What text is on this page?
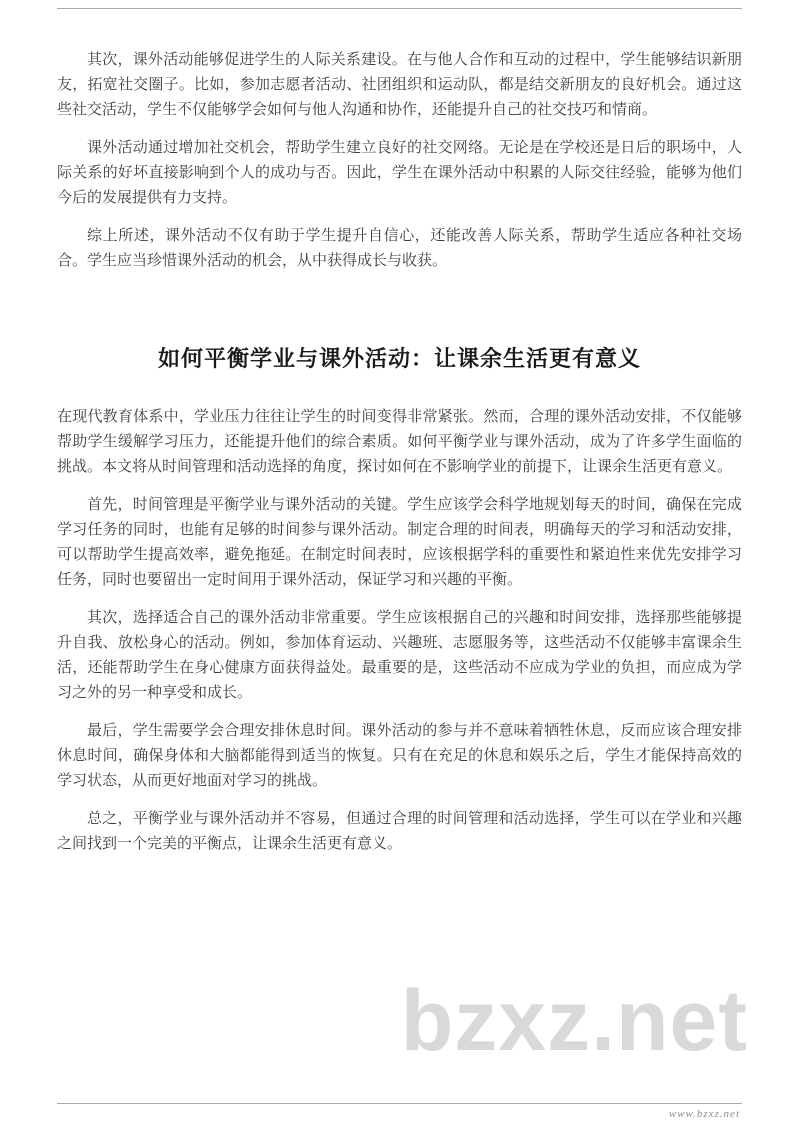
其次，课外活动能够促进学生的人际关系建设。在与他人合作和互动的过程中，学生能够结识新朋友，拓宽社交圈子。比如，参加志愿者活动、社团组织和运动队，都是结交新朋友的良好机会。通过这些社交活动，学生不仅能够学会如何与他人沟通和协作，还能提升自己的社交技巧和情商。

课外活动通过增加社交机会，帮助学生建立良好的社交网络。无论是在学校还是日后的职场中，人际关系的好坏直接影响到个人的成功与否。因此，学生在课外活动中积累的人际交往经验，能够为他们今后的发展提供有力支持。

综上所述，课外活动不仅有助于学生提升自信心，还能改善人际关系，帮助学生适应各种社交场合。学生应当珍惜课外活动的机会，从中获得成长与收获。

如何平衡学业与课外活动：让课余生活更有意义

在现代教育体系中，学业压力往往让学生的时间变得非常紧张。然而，合理的课外活动安排，不仅能够帮助学生缓解学习压力，还能提升他们的综合素质。如何平衡学业与课外活动，成为了许多学生面临的挑战。本文将从时间管理和活动选择的角度，探讨如何在不影响学业的前提下，让课余生活更有意义。

首先，时间管理是平衡学业与课外活动的关键。学生应该学会科学地规划每天的时间，确保在完成学习任务的同时，也能有足够的时间参与课外活动。制定合理的时间表，明确每天的学习和活动安排，可以帮助学生提高效率，避免拖延。在制定时间表时，应该根据学科的重要性和紧迫性来优先安排学习任务，同时也要留出一定时间用于课外活动，保证学习和兴趣的平衡。

其次，选择适合自己的课外活动非常重要。学生应该根据自己的兴趣和时间安排，选择那些能够提升自我、放松身心的活动。例如，参加体育运动、兴趣班、志愿服务等，这些活动不仅能够丰富课余生活，还能帮助学生在身心健康方面获得益处。最重要的是，这些活动不应成为学业的负担，而应成为学习之外的另一种享受和成长。

最后，学生需要学会合理安排休息时间。课外活动的参与并不意味着牺牲休息，反而应该合理安排休息时间，确保身体和大脑都能得到适当的恢复。只有在充足的休息和娱乐之后，学生才能保持高效的学习状态，从而更好地面对学习的挑战。

总之，平衡学业与课外活动并不容易，但通过合理的时间管理和活动选择，学生可以在学业和兴趣之间找到一个完美的平衡点，让课余生活更有意义。

bzxz.net
www.bzxz.net
